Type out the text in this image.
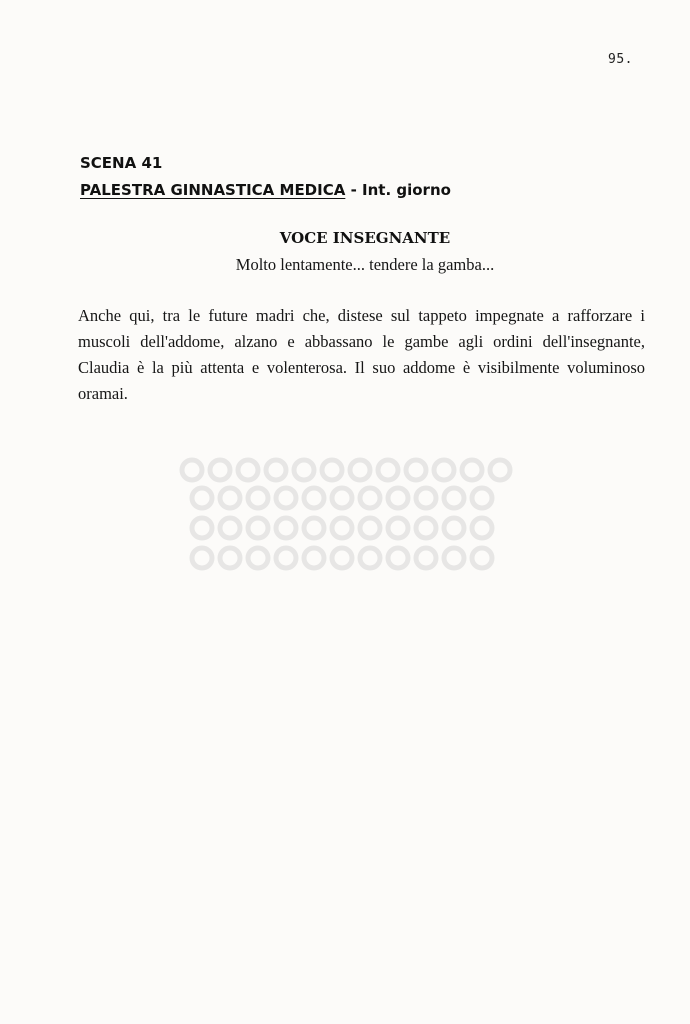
95.
SCENA 41
PALESTRA GINNASTICA MEDICA - Int. giorno
VOCE INSEGNANTE
Molto lentamente... tendere la gamba...

Anche qui, tra le future madri che, distese sul tappeto impegnate a rafforzare i muscoli dell'addome, alzano e abbassano le gambe agli ordini dell'insegnante, Claudia è la più attenta e volenterosa. Il suo addome è visibilmente voluminoso oramai.
